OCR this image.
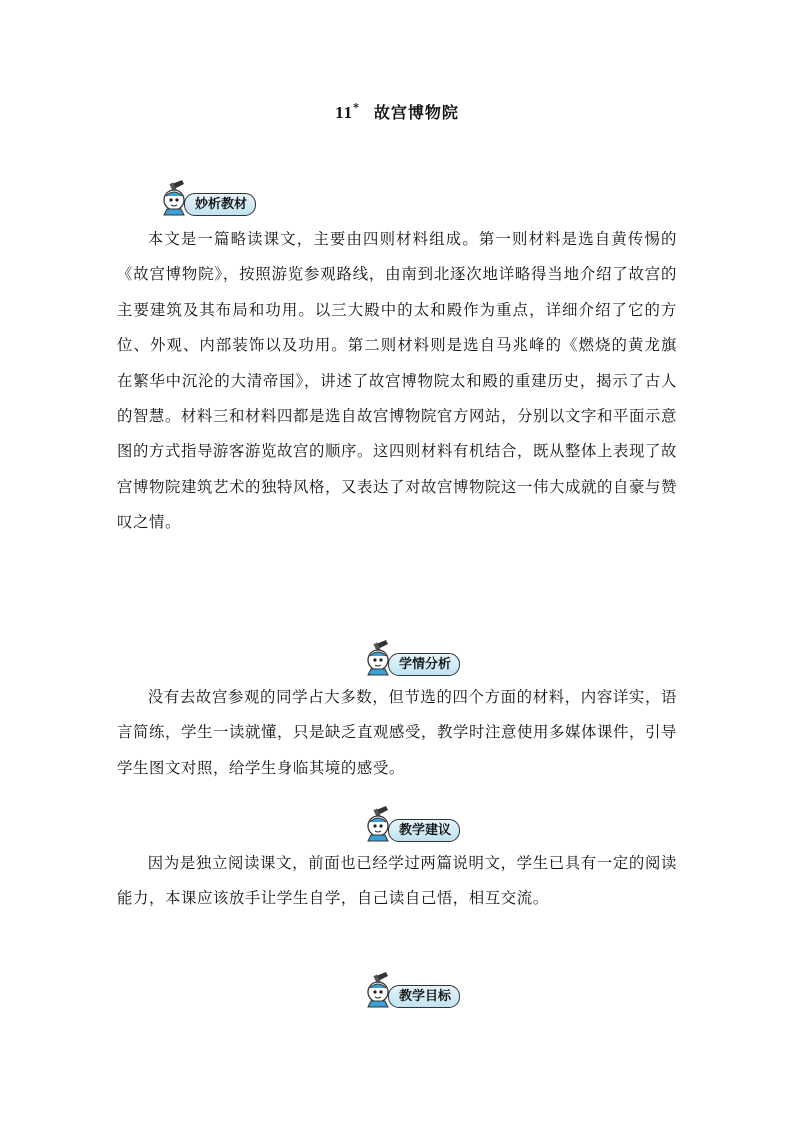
11* 故宫博物院
妙析教材

本文是一篇略读课文，主要由四则材料组成。第一则材料是选自黄传惕的《故宫博物院》，按照游览参观路线，由南到北逐次地详略得当地介绍了故宫的主要建筑及其布局和功用。以三大殿中的太和殿作为重点，详细介绍了它的方位、外观、内部装饰以及功用。第二则材料则是选自马兆峰的《燃烧的黄龙旗　在繁华中沉沦的大清帝国》，讲述了故宫博物院太和殿的重建历史，揭示了古人的智慧。材料三和材料四都是选自故宫博物院官方网站，分别以文字和平面示意图的方式指导游客游览故宫的顺序。这四则材料有机结合，既从整体上表现了故宫博物院建筑艺术的独特风格，又表达了对故宫博物院这一伟大成就的自豪与赞叹之情。

学情分析

没有去故宫参观的同学占大多数，但节选的四个方面的材料，内容详实，语言简练，学生一读就懂，只是缺乏直观感受，教学时注意使用多媒体课件，引导学生图文对照，给学生身临其境的感受。

教学建议

因为是独立阅读课文，前面也已经学过两篇说明文，学生已具有一定的阅读能力，本课应该放手让学生自学，自己读自己悟，相互交流。

教学目标
